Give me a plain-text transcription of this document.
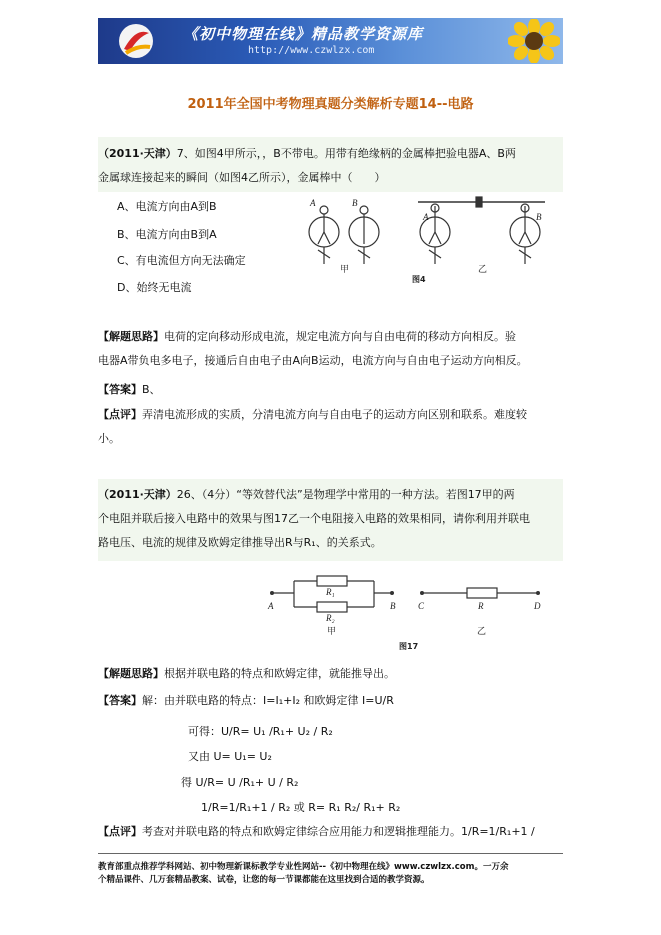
《初中物理在线》精品教学资源库
http://www.czwlzx.com
2011年全国中考物理真题分类解析专题14--电路
（2011·天津）7、如图4甲所示，，B不带电。用带有绝缘柄的金属棒把验电器A、B两
金属球连接起来的瞬间（如图4乙所示），金属棒中（　　）
A、电流方向由A到B
B、电流方向由B到A
C、有电流但方向无法确定
D、始终无电流
A	B
A	B
甲	乙
图4
【解题思路】电荷的定向移动形成电流，规定电流方向与自由电荷的移动方向相反。验
电器A带负电多电子，接通后自由电子由A向B运动，电流方向与自由电子运动方向相反。
【答案】B、
【点评】弄清电流形成的实质，分清电流方向与自由电子的运动方向区别和联系。难度较
小。
（2011·天津）26、（4分）“等效替代法”是物理学中常用的一种方法。若图17甲的两
个电阻并联后接入电路中的效果与图17乙一个电阻接入电路的效果相同，请你利用并联电
路电压、电流的规律及欧姆定律推导出R与R₁、的关系式。
A	B	C	D
R₁
R₂
R
甲	乙
图17
【解题思路】根据并联电路的特点和欧姆定律，就能推导出。
【答案】解：由并联电路的特点：I=I₁+I₂ 和欧姆定律 I=U/R
可得：U/R= U₁ /R₁+ U₂ / R₂
又由 U= U₁= U₂
得 U/R= U /R₁+ U / R₂
1/R=1/R₁+1 / R₂ 或 R= R₁ R₂/ R₁+ R₂
【点评】考查对并联电路的特点和欧姆定律综合应用能力和逻辑推理能力。1/R=1/R₁+1 /
教育部重点推荐学科网站、初中物理新课标教学专业性网站--《初中物理在线》www.czwlzx.com。一万余
个精品课件、几万套精品教案、试卷，让您的每一节课都能在这里找到合适的教学资源。
